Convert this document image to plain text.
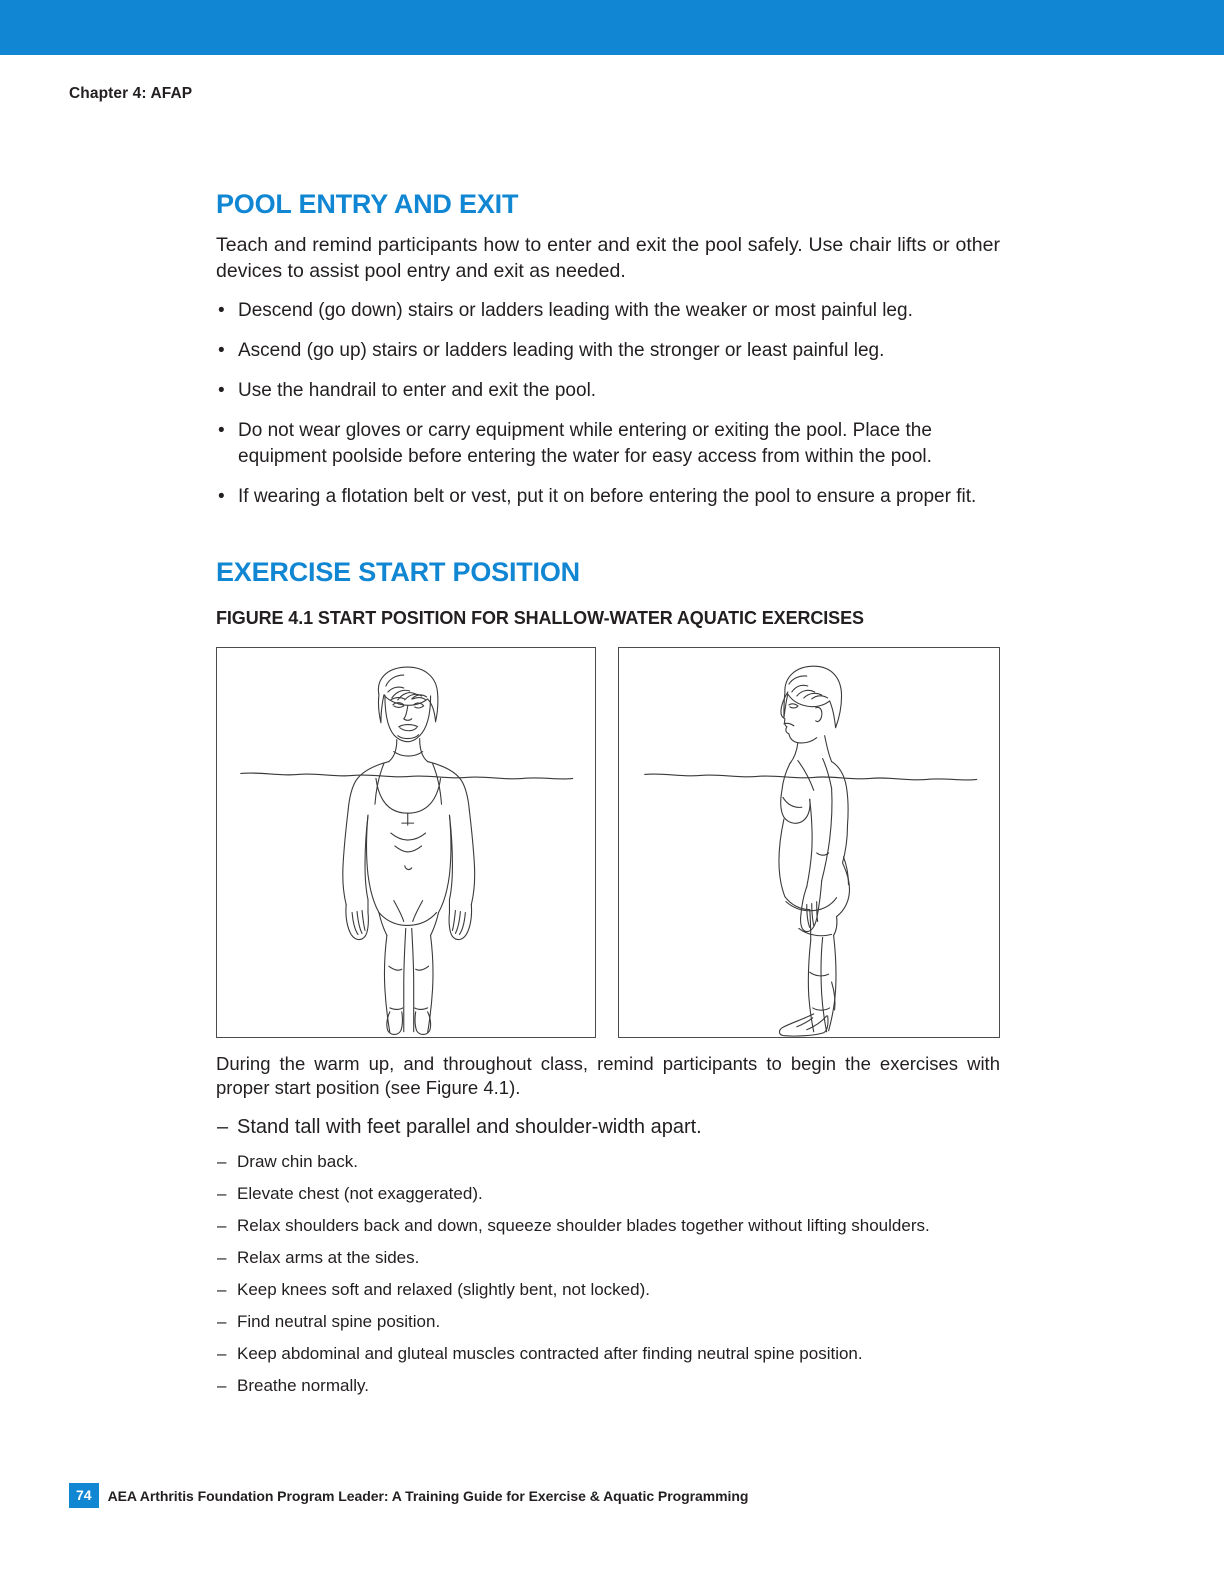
Chapter 4: AFAP
POOL ENTRY AND EXIT

Teach and remind participants how to enter and exit the pool safely. Use chair lifts or other devices to assist pool entry and exit as needed.

• Descend (go down) stairs or ladders leading with the weaker or most painful leg.
• Ascend (go up) stairs or ladders leading with the stronger or least painful leg.
• Use the handrail to enter and exit the pool.
• Do not wear gloves or carry equipment while entering or exiting the pool. Place the equipment poolside before entering the water for easy access from within the pool.
• If wearing a flotation belt or vest, put it on before entering the pool to ensure a proper fit.
EXERCISE START POSITION
FIGURE 4.1 START POSITION FOR SHALLOW-WATER AQUATIC EXERCISES

During the warm up, and throughout class, remind participants to begin the exercises with proper start position (see Figure 4.1).

– Stand tall with feet parallel and shoulder-width apart.
– Draw chin back.
– Elevate chest (not exaggerated).
– Relax shoulders back and down, squeeze shoulder blades together without lifting shoulders.
– Relax arms at the sides.
– Keep knees soft and relaxed (slightly bent, not locked).
– Find neutral spine position.
– Keep abdominal and gluteal muscles contracted after finding neutral spine position.
– Breathe normally.
74	AEA Arthritis Foundation Program Leader: A Training Guide for Exercise & Aquatic Programming
